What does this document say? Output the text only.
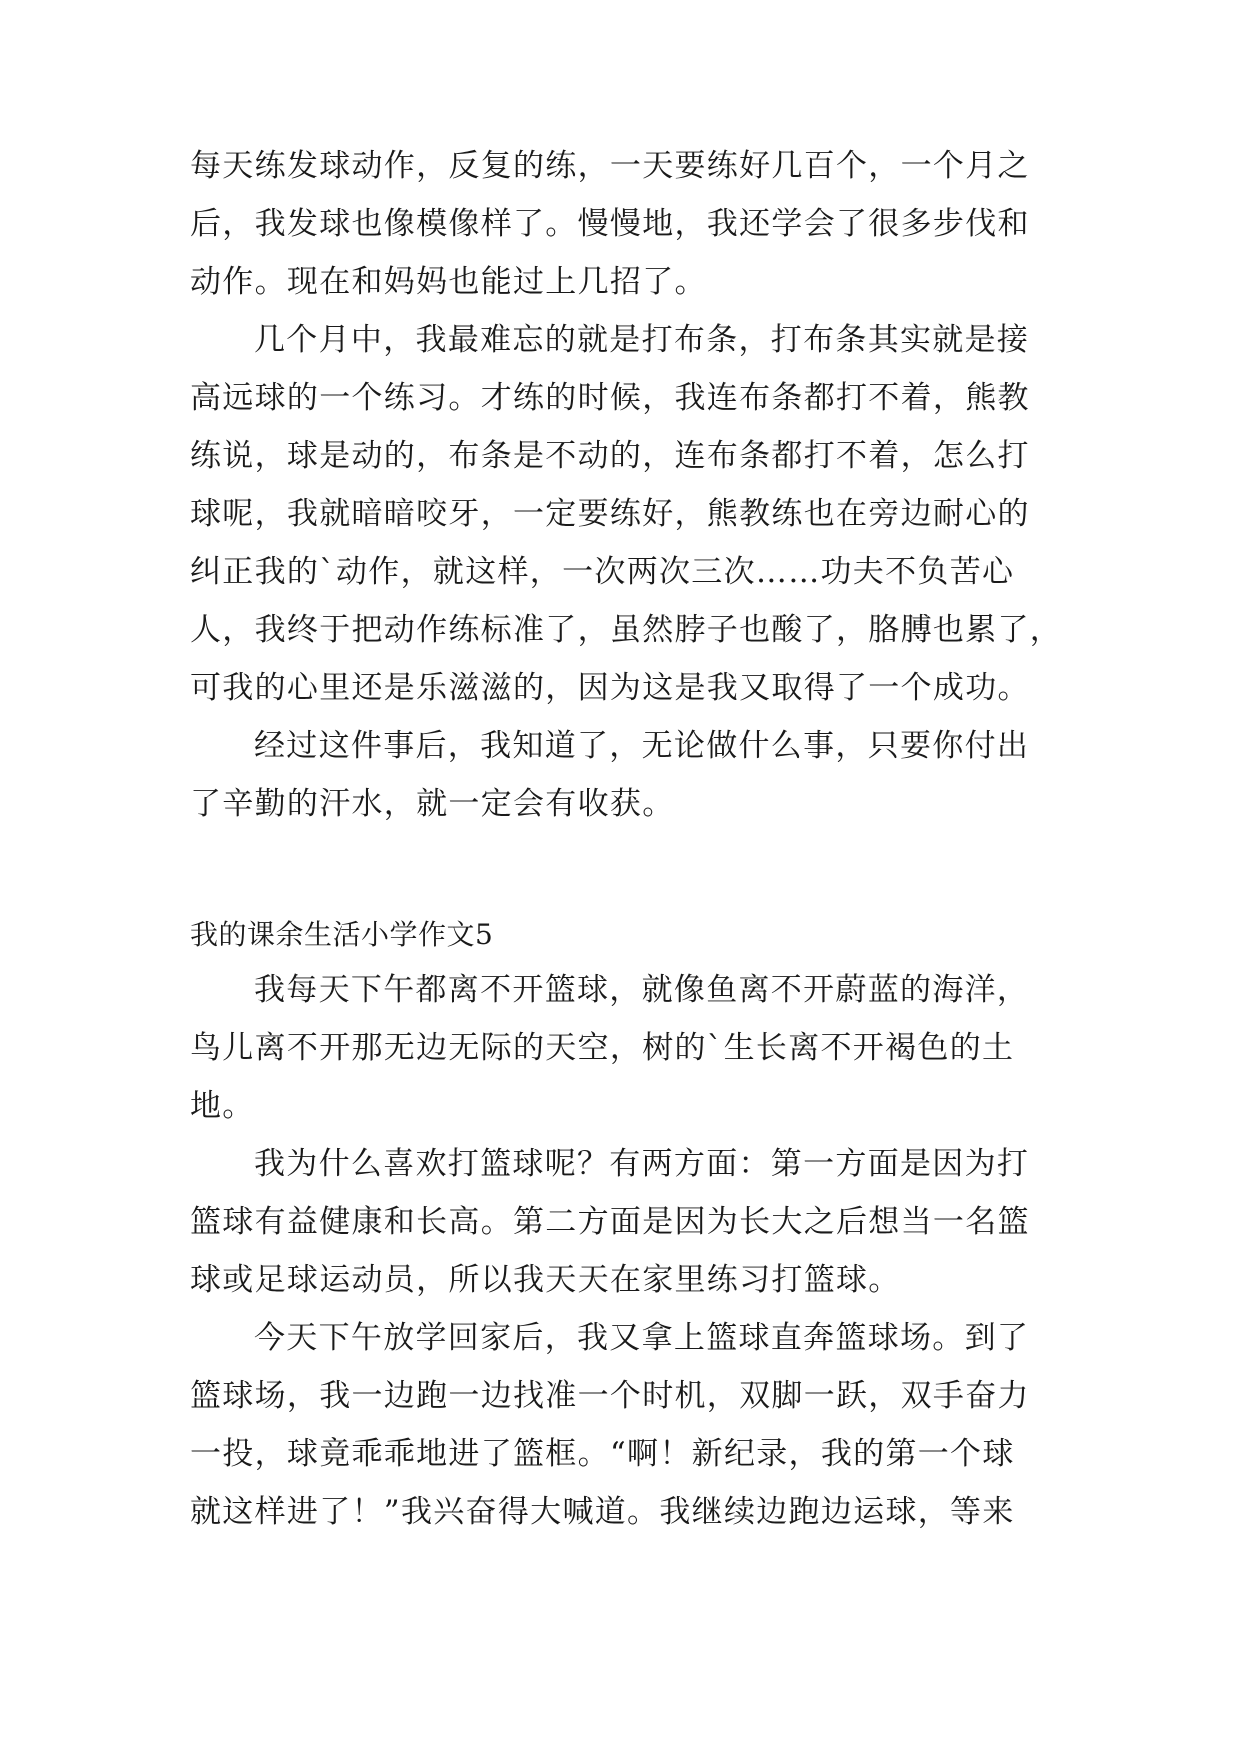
每天练发球动作，反复的练，一天要练好几百个，一个月之
后，我发球也像模像样了。慢慢地，我还学会了很多步伐和
动作。现在和妈妈也能过上几招了。
几个月中，我最难忘的就是打布条，打布条其实就是接
高远球的一个练习。才练的时候，我连布条都打不着，熊教
练说，球是动的，布条是不动的，连布条都打不着，怎么打
球呢，我就暗暗咬牙，一定要练好，熊教练也在旁边耐心的
纠正我的`动作，就这样，一次两次三次……功夫不负苦心
人，我终于把动作练标准了，虽然脖子也酸了，胳膊也累了，
可我的心里还是乐滋滋的，因为这是我又取得了一个成功。
经过这件事后，我知道了，无论做什么事，只要你付出
了辛勤的汗水，就一定会有收获。
我的课余生活小学作文5
我每天下午都离不开篮球，就像鱼离不开蔚蓝的海洋，
鸟儿离不开那无边无际的天空，树的`生长离不开褐色的土
地。
我为什么喜欢打篮球呢？有两方面：第一方面是因为打
篮球有益健康和长高。第二方面是因为长大之后想当一名篮
球或足球运动员，所以我天天在家里练习打篮球。
今天下午放学回家后，我又拿上篮球直奔篮球场。到了
篮球场，我一边跑一边找准一个时机，双脚一跃，双手奋力
一投，球竟乖乖地进了篮框。“啊！新纪录，我的第一个球
就这样进了！”我兴奋得大喊道。我继续边跑边运球，等来
